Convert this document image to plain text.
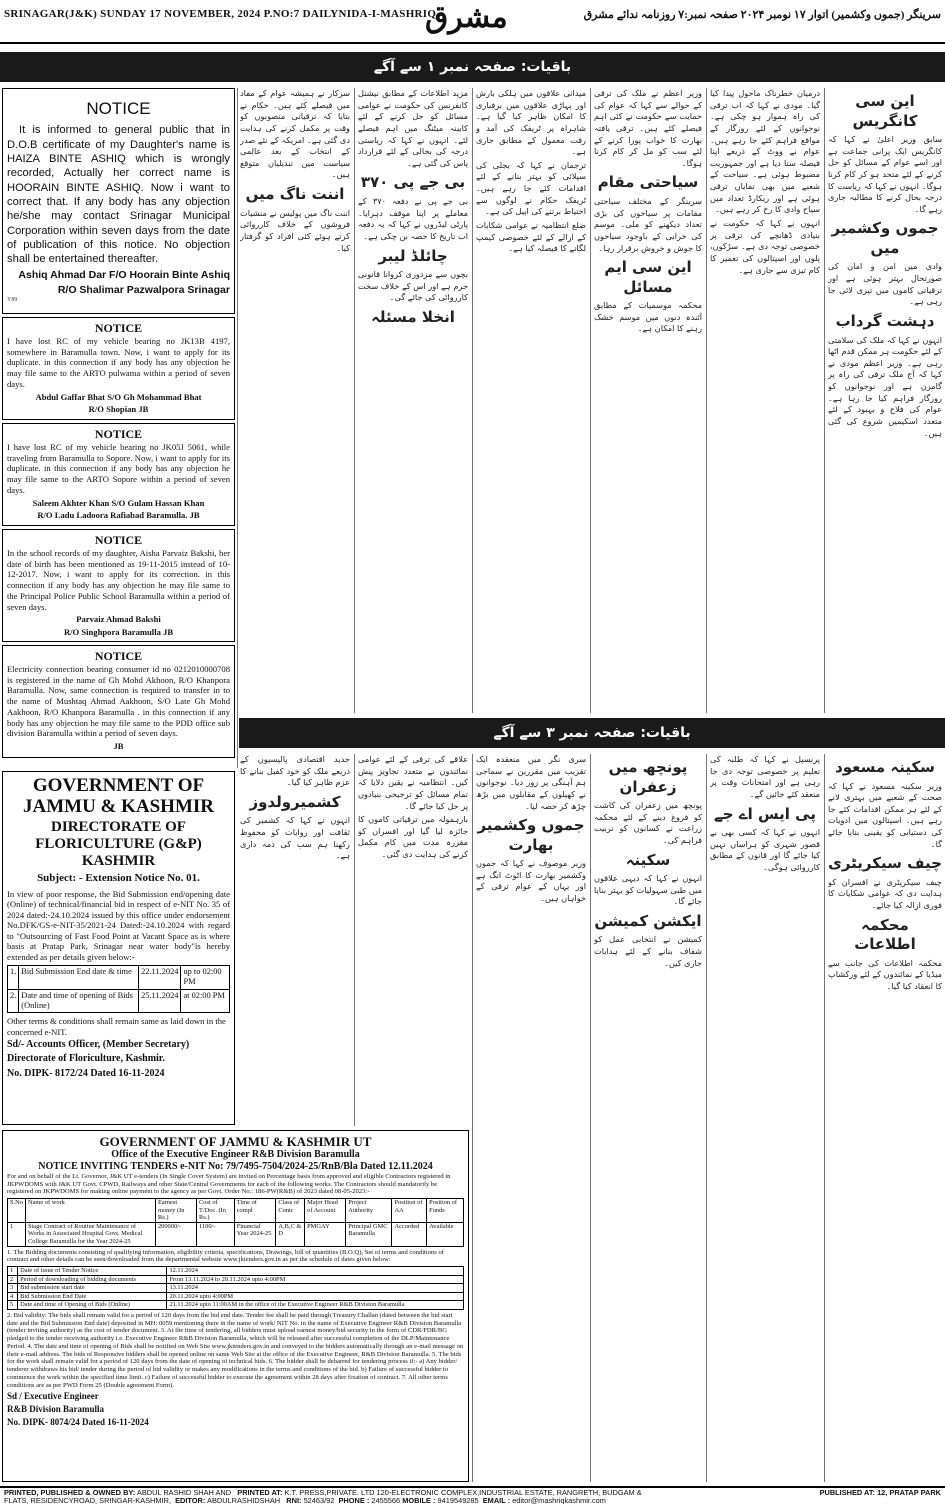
SRINAGAR(J&K) SUNDAY 17 NOVEMBER, 2024 P.NO:7 DAILYNIDA-I-MASHRIQ
مشرق	سرینگر (جموں وکشمیر) اتوار ۱۷ نومبر ۲۰۲۴ صفحہ نمبر:۷ روزنامہ ندائے مشرق
باقیات: صفحہ نمبر ۱ سے آگے
باقیات: صفحہ نمبر ۳ سے آگے
NOTICE
It is informed to general public that in D.O.B certificate of my Daughter's name is HAIZA BINTE ASHIQ which is wrongly recorded, Actually her correct name is HOORAIN BINTE ASHIQ. Now i want to correct that. If any body has any objection he/she may contact Srinagar Municipal Corporation within seven days from the date of publication of this notice. No objection shall be entertained thereafter.
Ashiq Ahmad Dar F/O Hoorain Binte Ashiq
R/O Shalimar Pazwalpora Srinagar
Y89
NOTICE
I have lost RC of my vehicle bearing no JK13B 4197, somewhere in Baramulla town. Now, i want to apply for its duplicate. in this connection if any body has any objection he may file same to the ARTO pulwama within a period of seven days.
Abdul Gaffar Bhat S/O Gh Mohammad Bhat
R/O Shopian JB
NOTICE
I have lost RC of my vehicle bearing no JK05J 5061, while traveling from Baramulla to Sopore. Now, i want to apply for its duplicate. in this connection if any body has any objection he may file same to the ARTO Sopore within a period of seven days.
Saleem Akhter Khan S/O Gulam Hassan Khan
R/O Ladu Ladoora Rafiabad Baramulla. JB
NOTICE
In the school records of my daughter, Aisha Parvaiz Bakshi, her date of birth has been mentioned as 19-11-2015 instead of 10-12-2017. Now, i want to apply for its correction. in this connection if any body has any objection he may file same to the Principal Police Public School Baramulla within a period of seven days.
Parvaiz Ahmad Bakshi
R/O Singhpora Baramulla JB
NOTICE
Electricity connection bearing consumer id no 0212010000708 is registered in the name of Gh Mohd Akhoon, R/O Khanpora Baramulla. Now, same connection is required to transfer in to the name of Mushtaq Ahmad Aakhoon, S/O Late Gh Mohd Aakhoon, R/O Khanpora Baramulla . in this connection if any body has any objection he may file same to the PDD office sub division Baramulla within a period of seven days.
JB
GOVERNMENT OF JAMMU & KASHMIR
DIRECTORATE OF FLORICULTURE (G&P) KASHMIR
Subject: - Extension Notice No. 01.
In view of poor response, the Bid Submission end/opening date (Online) of technical/financial bid in respect of e-NIT No. 35 of 2024 dated:-24.10.2024 issued by this office under endorsement No.DFK/GS-e-NIT-35/2021-24 Dated:-24.10.2024 with regard to "Outsourcing of Fast Food Point at Vacant Space as is where basis at Pratap Park, Srinagar near water body"is hereby extended as per details given below:-
1.	Bid Submission End date & time	22.11.2024	up to 02:00 PM
2.	Date and time of opening of Bids (Online)	25.11.2024	at 02:00 PM
Other terms & conditions shall remain same as laid down in the concerned e-NIT.
Sd/- Accounts Officer, (Member Secretary)
Directorate of Floriculture, Kashmir.
No. DIPK- 8172/24 Dated 16-11-2024
GOVERNMENT OF JAMMU & KASHMIR UT
Office of the Executive Engineer R&B Division Baramulla
NOTICE INVITING TENDERS e-NIT No: 79/7495-7504/2024-25/RnB/Bla Dated 12.11.2024
For and on behalf of the Lt. Governor, J&K UT e-tenders (In Single Cover System) are invited on Percentage basis from approved and eligible Contractors registered in JKPWDOMS with J&K UT Govt. CPWD, Railways and other State/Central Governments for each of the following works. The Contractors should mandatorily be registered on JKPWDOMS for making online payment to the agency as per Govt. Order No.: 186-PW(R&B) of 2023 dated 08-05-2023:-
S.No	Name of work	Earnest money (In Rs.)	Cost of T/Doc. (In Rs.)	Time of compl	Class of Contr	Major Head of Account	Project Authority	Position of AA	Position of Funds
1	Stage Contract of Routine Maintenance of Works in Associated Hospital Govt. Medical College Baramulla for the Year 2024-25	200000/-	1100/-	Financial Year 2024-25	A,B,C & D	PMGAY	Principal GMC Baramulla	Accorded	Available
1. The Bidding documents consisting of qualifying information, eligibility criteria, specifications, Drawings, bill of quantities (B.O.Q), Set of terms and conditions of contract and other details can be seen/downloaded from the departmental website www.jktenders.gov.in as per the schedule of dates given below:
1	Date of issue of Tender Notice	12.11.2024
2	Period of downloading of bidding documents	From 13.11.2024 to 20.11.2024 upto 4:00PM
3	Bid submission start date	13.11.2024
4	Bid Submission End Date	20.11.2024 upto 4:00PM
5	Date and time of Opening of Bids (Online)	21.11.2024 upto 11:00AM in the office of the Executive Engineer R&B Division Baramulla
2. Bid validity: The bids shall remain valid for a period of 120 days from the bid end date. Tender fee shall be paid through Treasury Challan (dated between the bid start date and the Bid Submission End date) deposited in MH: 0059 mentioning there in the name of work/ NIT No. in the name of Executive Engineer R&B Division Baramulla (tender inviting authority) as the cost of tender document. 3. At the time of tendering, all bidders must upload earnest money/bid security in the form of CDR/FDR/BG pledged to the tender receiving authority i.e. Executive Engineer R&B Division Baramulla, which will be released after successful completion of the DLP/Maintenance Period. 4. The date and time of opening of Bids shall be notified on Web Site www.jktenders.gov.in and conveyed to the bidders automatically through an e-mail message on their e-mail address. The bids of Responsive bidders shall be opened online on same Web Site at the office of the Executive Engineer, R&B Division Baramulla. 5. The bids for the work shall remain valid for a period of 120 days from the date of opening of technical bids. 6. The bidder shall be debarred for tendering process if:- a) Any bidder/ tenderer withdraws his bid/ tender during the period of bid validity or makes any modifications in the terms and conditions of the bid. b) Failure of successful bidder to commence the work within the specified time limit. c) Failure of successful bidder to execute the agreement within 28 days after fixation of contract. 7. All other terms conditions are as per PWD Form 25 (Double agreement Form).
Sd / Executive Engineer
R&B Division Baramulla
No. DIPK- 8074/24 Dated 16-11-2024
این سی کانگریس

سابق وزیر اعلیٰ نے کہا کہ کانگریس ایک پرانی جماعت ہے اور اسے عوام کے مسائل کو حل کرنے کے لئے متحد ہو کر کام کرنا ہوگا۔ انہوں نے کہا کہ ریاست کا درجہ بحال کرنے کا مطالبہ جاری رہے گا۔

جموں وکشمیر میں

وادی میں امن و امان کی صورتحال بہتر ہوئی ہے اور ترقیاتی کاموں میں تیزی لائی جا رہی ہے۔

دہشت گرداب

انہوں نے کہا کہ ملک کی سلامتی کے لئے حکومت ہر ممکن قدم اٹھا رہی ہے۔ وزیر اعظم مودی نے کہا کہ آج ملک ترقی کی راہ پر گامزن ہے اور نوجوانوں کو روزگار فراہم کیا جا رہا ہے۔ عوام کی فلاح و بہبود کے لئے متعدد اسکیمیں شروع کی گئی ہیں۔

درمیان خطرناک ماحول پیدا کیا گیا۔ مودی نے کہا کہ اب ترقی کی راہ ہموار ہو چکی ہے۔ نوجوانوں کے لئے روزگار کے مواقع فراہم کئے جا رہے ہیں۔ عوام نے ووٹ کے ذریعے اپنا فیصلہ سنا دیا ہے اور جمہوریت مضبوط ہوئی ہے۔ سیاحت کے شعبے میں بھی نمایاں ترقی ہوئی ہے اور ریکارڈ تعداد میں سیاح وادی کا رخ کر رہے ہیں۔

انہوں نے کہا کہ حکومت نے بنیادی ڈھانچے کی ترقی پر خصوصی توجہ دی ہے۔ سڑکوں، پلوں اور اسپتالوں کی تعمیر کا کام تیزی سے جاری ہے۔

وزیر اعظم نے ملک کی ترقی کے حوالے سے کہا کہ عوام کی حمایت سے حکومت نے کئی اہم فیصلے کئے ہیں۔ ترقی یافتہ بھارت کا خواب پورا کرنے کے لئے سب کو مل کر کام کرنا ہوگا۔

سیاحتی مقام

سرینگر کے مختلف سیاحتی مقامات پر سیاحوں کی بڑی تعداد دیکھنے کو ملی۔ موسم کی خرابی کے باوجود سیاحوں کا جوش و خروش برقرار رہا۔

این سی ایم مسائل

محکمہ موسمیات کے مطابق آئندہ دنوں میں موسم خشک رہنے کا امکان ہے۔

میدانی علاقوں میں ہلکی بارش اور پہاڑی علاقوں میں برفباری کا امکان ظاہر کیا گیا ہے۔ شاہراہ پر ٹریفک کی آمد و رفت معمول کے مطابق جاری ہے۔

ترجمان نے کہا کہ بجلی کی سپلائی کو بہتر بنانے کے لئے اقدامات کئے جا رہے ہیں۔ ٹریفک حکام نے لوگوں سے احتیاط برتنے کی اپیل کی ہے۔

ضلع انتظامیہ نے عوامی شکایات کے ازالے کے لئے خصوصی کیمپ لگانے کا فیصلہ کیا ہے۔

مزید اطلاعات کے مطابق نیشنل کانفرنس کی حکومت نے عوامی مسائل کو حل کرنے کے لئے کابینہ میٹنگ میں اہم فیصلے لئے۔ انہوں نے کہا کہ ریاستی درجہ کی بحالی کے لئے قرارداد پاس کی گئی ہے۔

بی جے پی ۳۷۰

بی جے پی نے دفعہ ۳۷۰ کے معاملے پر اپنا موقف دہرایا۔ پارٹی لیڈروں نے کہا کہ یہ دفعہ اب تاریخ کا حصہ بن چکی ہے۔

چائلڈ لیبر

بچوں سے مزدوری کروانا قانونی جرم ہے اور اس کے خلاف سخت کارروائی کی جائے گی۔

انخلا مسئلہ

سرکار نے ہمیشہ عوام کے مفاد میں فیصلے کئے ہیں۔ حکام نے بتایا کہ ترقیاتی منصوبوں کو وقت پر مکمل کرنے کی ہدایت دی گئی ہے۔ امریکہ کے نئے صدر کے انتخاب کے بعد عالمی سیاست میں تبدیلیاں متوقع ہیں۔

اننت ناگ میں

اننت ناگ میں پولیس نے منشیات فروشوں کے خلاف کارروائی کرتے ہوئے کئی افراد کو گرفتار کیا۔

سکینہ مسعود

وزیر سکینہ مسعود نے کہا کہ صحت کے شعبے میں بہتری لانے کے لئے ہر ممکن اقدامات کئے جا رہے ہیں۔ اسپتالوں میں ادویات کی دستیابی کو یقینی بنایا جائے گا۔

چیف سیکریٹری

چیف سیکریٹری نے افسران کو ہدایت دی کہ عوامی شکایات کا فوری ازالہ کیا جائے۔

محکمہ اطلاعات

محکمہ اطلاعات کی جانب سے میڈیا کے نمائندوں کے لئے ورکشاپ کا انعقاد کیا گیا۔

پرنسپل نے کہا کہ طلبہ کی تعلیم پر خصوصی توجہ دی جا رہی ہے اور امتحانات وقت پر منعقد کئے جائیں گے۔

پی ایس اے جے

انہوں نے کہا کہ کسی بھی بے قصور شہری کو ہراساں نہیں کیا جائے گا اور قانون کے مطابق کارروائی ہوگی۔

پونچھ میں زعفران

پونچھ میں زعفران کی کاشت کو فروغ دینے کے لئے محکمہ زراعت نے کسانوں کو تربیت فراہم کی۔

سکینہ

انہوں نے کہا کہ دیہی علاقوں میں طبی سہولیات کو بہتر بنایا جائے گا۔

ایکشن کمیشن

کمیشن نے انتخابی عمل کو شفاف بنانے کے لئے ہدایات جاری کیں۔

سری نگر میں منعقدہ ایک تقریب میں مقررین نے سماجی ہم آہنگی پر زور دیا۔ نوجوانوں نے کھیلوں کے مقابلوں میں بڑھ چڑھ کر حصہ لیا۔

جموں وکشمیر بھارت

وزیر موصوف نے کہا کہ جموں وکشمیر بھارت کا اٹوٹ انگ ہے اور یہاں کے عوام ترقی کے خواہاں ہیں۔

علاقے کی ترقی کے لئے عوامی نمائندوں نے متعدد تجاویز پیش کیں۔ انتظامیہ نے یقین دلایا کہ تمام مسائل کو ترجیحی بنیادوں پر حل کیا جائے گا۔

بارہمولہ میں ترقیاتی کاموں کا جائزہ لیا گیا اور افسران کو مقررہ مدت میں کام مکمل کرنے کی ہدایت دی گئی۔

جدید اقتصادی پالیسیوں کے ذریعے ملک کو خود کفیل بنانے کا عزم ظاہر کیا گیا۔

کشمیرولدوز

انہوں نے کہا کہ کشمیر کی ثقافت اور روایات کو محفوظ رکھنا ہم سب کی ذمہ داری ہے۔

PRINTED, PUBLISHED & OWNED BY: ABDUL RASHID SHAH AND PRINTED AT: K.T. PRESS,PRIVATE. LTD 120-ELECTRONIC COMPLEX,INDUSTRIAL ESTATE, RANGRETH, BUDGAM &
FLATS, RESIDENCYROAD, SRINGAR-KASHMIR, EDITOR: ABDULRASHIDSHAH RNI: 52463/92 PHONE : 2455566 MOBILE : 9419549285 EMAIL : editor@mashriqkashmir.com
PUBLISHED AT: 12, PRATAP PARK
